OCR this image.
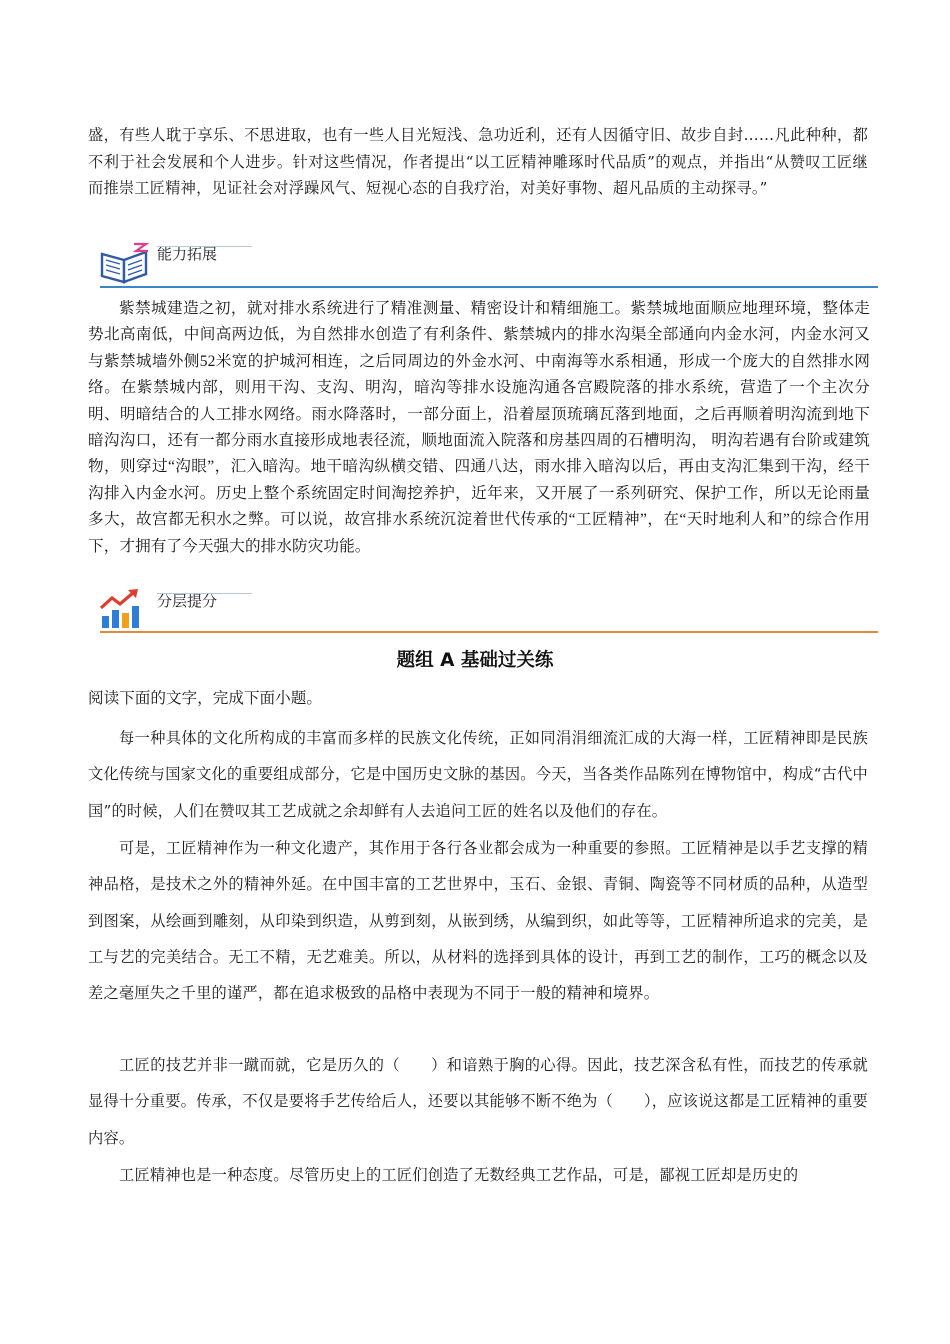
盛，有些人耽于享乐、不思进取，也有一些人目光短浅、急功近利，还有人因循守旧、故步自封……凡此种种，都不利于社会发展和个人进步。针对这些情况，作者提出“以工匠精神雕琢时代品质”的观点，并指出“从赞叹工匠继而推崇工匠精神，见证社会对浮躁风气、短视心态的自我疗治，对美好事物、超凡品质的主动探寻。”

能力拓展

紫禁城建造之初，就对排水系统进行了精准测量、精密设计和精细施工。紫禁城地面顺应地理环境，整体走势北高南低，中间高两边低，为自然排水创造了有利条件、紫禁城内的排水沟渠全部通向内金水河，内金水河又与紫禁城墙外侧52米宽的护城河相连，之后同周边的外金水河、中南海等水系相通，形成一个庞大的自然排水网络。在紫禁城内部，则用干沟、支沟、明沟，暗沟等排水设施沟通各宫殿院落的排水系统，营造了一个主次分明、明暗结合的人工排水网络。雨水降落时，一部分面上，沿着屋顶琉璃瓦落到地面，之后再顺着明沟流到地下暗沟沟口，还有一都分雨水直接形成地表径流，顺地面流入院落和房基四周的石槽明沟， 明沟若遇有台阶或建筑物，则穿过“沟眼”，汇入暗沟。地干暗沟纵横交错、四通八达，雨水排入暗沟以后，再由支沟汇集到干沟，经干沟排入内金水河。历史上整个系统固定时间淘挖养护，近年来，又开展了一系列研究、保护工作，所以无论雨量多大，故宫都无积水之弊。可以说，故宫排水系统沉淀着世代传承的“工匠精神”，在“天时地利人和”的综合作用下，才拥有了今天强大的排水防灾功能。

分层提分
题组 A 基础过关练

阅读下面的文字，完成下面小题。

每一种具体的文化所构成的丰富而多样的民族文化传统，正如同涓涓细流汇成的大海一样，工匠精神即是民族文化传统与国家文化的重要组成部分，它是中国历史文脉的基因。今天，当各类作品陈列在博物馆中，构成“古代中国”的时候，人们在赞叹其工艺成就之余却鲜有人去追问工匠的姓名以及他们的存在。

可是，工匠精神作为一种文化遗产，其作用于各行各业都会成为一种重要的参照。工匠精神是以手艺支撑的精神品格，是技术之外的精神外延。在中国丰富的工艺世界中，玉石、金银、青铜、陶瓷等不同材质的品种，从造型到图案，从绘画到雕刻，从印染到织造，从剪到刻，从嵌到绣，从编到织，如此等等，工匠精神所追求的完美，是工与艺的完美结合。无工不精，无艺难美。所以，从材料的选择到具体的设计，再到工艺的制作，工巧的概念以及差之毫厘失之千里的谨严，都在追求极致的品格中表现为不同于一般的精神和境界。

工匠的技艺并非一蹴而就，它是历久的（　　）和谙熟于胸的心得。因此，技艺深含私有性，而技艺的传承就显得十分重要。传承，不仅是要将手艺传给后人，还要以其能够不断不绝为（　　），应该说这都是工匠精神的重要内容。

工匠精神也是一种态度。尽管历史上的工匠们创造了无数经典工艺作品，可是，鄙视工匠却是历史的
